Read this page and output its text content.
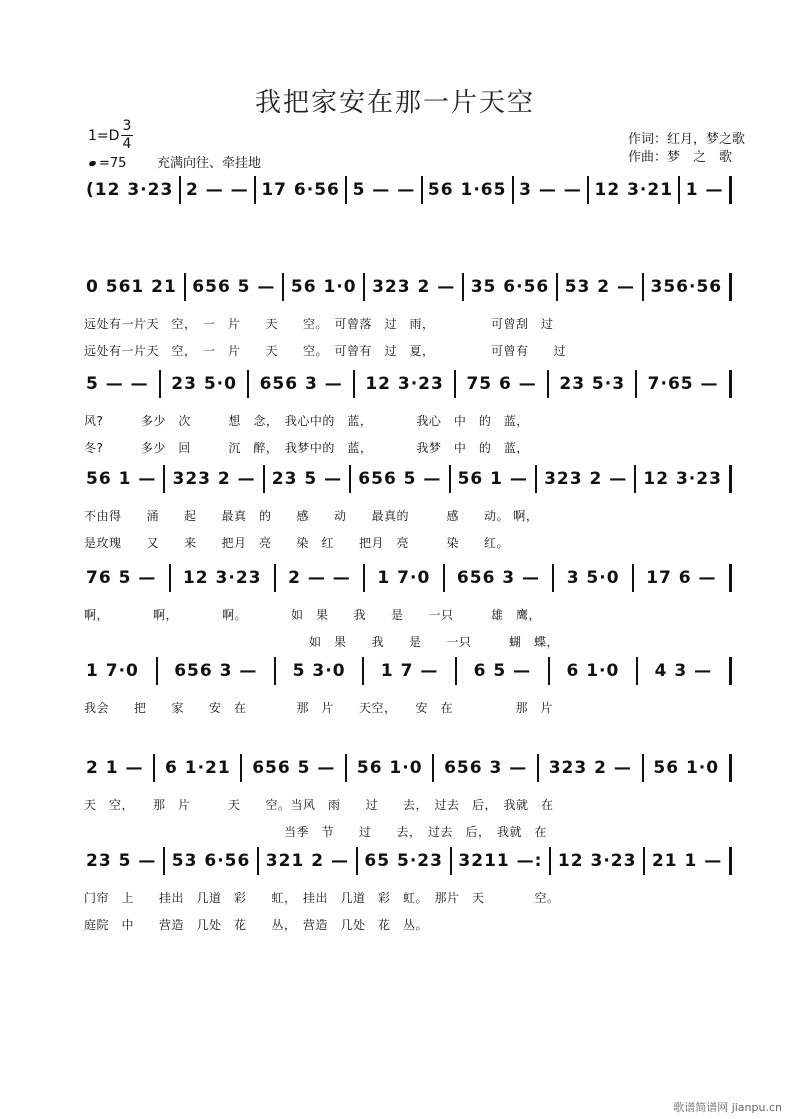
我把家安在那一片天空
1=D
3
4
=75 充满向往、牵挂地
作词：红月，梦之歌
作曲：梦　之　歌
(12 3·23 2 — — 17 6·56 5 — — 56 1·65 3 — — 12 3·21 1 —
0 561 21 656 5 — 56 1·0 323 2 — 35 6·56 53 2 — 356·56
远处有一片天　空，　一　片　　天　　空。　可曾落　过　雨，　　　　　可曾刮　过
远处有一片天　空，　一　片　　天　　空。　可曾有　过　夏，　　　　　可曾有　　过
5 — — 23 5·0 656 3 — 12 3·23 75 6 — 23 5·3 7·65 —
风?　　　多少　次　　　想　念，　我心中的　蓝，　　　　我心　中　的　蓝，
冬?　　　多少　回　　　沉　醉，　我梦中的　蓝，　　　　我梦　中　的　蓝，
56 1 — 323 2 — 23 5 — 656 5 — 56 1 — 323 2 — 12 3·23
不由得　　涌　　起　　最真　的　　感　　动　　最真的　　　感　　动。 啊，
是玫瑰　　又　　来　　把月　亮　　染　红　　把月　亮　　　染　　红。
76 5 — 12 3·23 2 — — 1 7·0 656 3 — 3 5·0 17 6 —
啊，　　　　啊，　　　　啊。　　　　如　果　　我　　是　　一只　　　雄　鹰，
　　　　　　　　　　　　　　　　　　如　果　　我　　是　　一只　　　蝴　蝶，
1 7·0 656 3 — 5 3·0 1 7 — 6 5 — 6 1·0 4 3 —
我会　　把　　家　　安　在　　　　那　片　　天空，　　安　在　　　　　那　片
2 1 — 6 1·21 656 5 — 56 1·0 656 3 — 323 2 — 56 1·0
天　空，　　那　片　　　天　　空。当风　雨　　过　　去，　过去　后，　我就　在
　　　　　　　　　　　　　　　　当季　节　　过　　去，　过去　后，　我就　在
23 5 — 53 6·56 321 2 — 65 5·23 3211 —: 12 3·23 21 1 —
门帘　上　　挂出　几道　彩　　虹，　挂出　几道　彩　虹。　那片　天　　　　空。
庭院　中　　营造　几处　花　　丛，　营造　几处　花　丛。
歌谱简谱网 jianpu.cn
